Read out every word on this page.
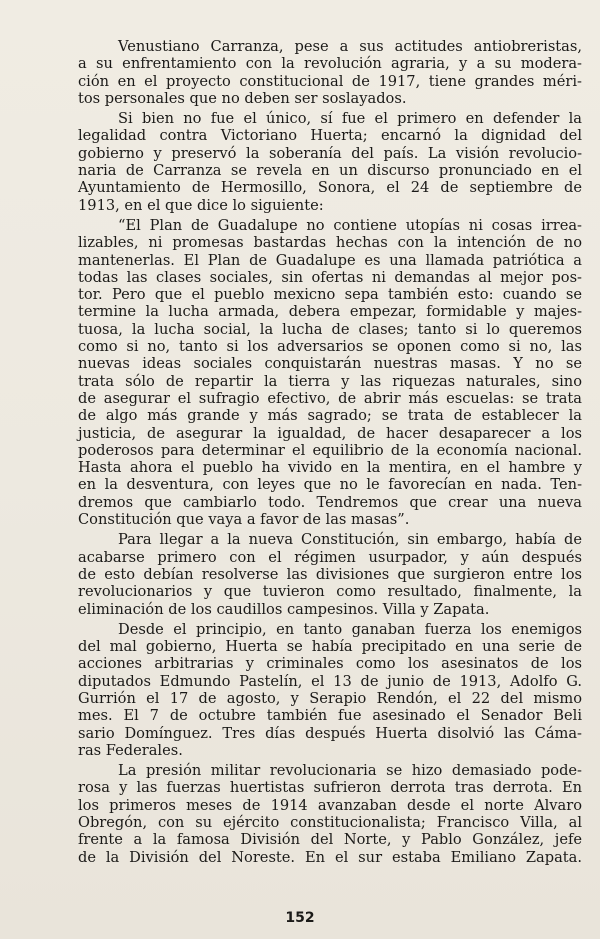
Venustiano Carranza, pese a sus actitudes antiobreristas,
a su enfrentamiento con la revolución agraria, y a su modera-
ción en el proyecto constitucional de 1917, tiene grandes méri-
tos personales que no deben ser soslayados.
Si bien no fue el único, sí fue el primero en defender la
legalidad contra Victoriano Huerta; encarnó la dignidad del
gobierno y preservó la soberanía del país. La visión revolucio-
naria de Carranza se revela en un discurso pronunciado en el
Ayuntamiento de Hermosillo, Sonora, el 24 de septiembre de
1913, en el que dice lo siguiente:
“El Plan de Guadalupe no contiene utopías ni cosas irrea-
lizables, ni promesas bastardas hechas con la intención de no
mantenerlas. El Plan de Guadalupe es una llamada patriótica a
todas las clases sociales, sin ofertas ni demandas al mejor pos-
tor. Pero que el pueblo mexicno sepa también esto: cuando se
termine la lucha armada, debera empezar, formidable y majes-
tuosa, la lucha social, la lucha de clases; tanto si lo queremos
como si no, tanto si los adversarios se oponen como si no, las
nuevas ideas sociales conquistarán nuestras masas. Y no se
trata sólo de repartir la tierra y las riquezas naturales, sino
de asegurar el sufragio efectivo, de abrir más escuelas: se trata
de algo más grande y más sagrado; se trata de establecer la
justicia, de asegurar la igualdad, de hacer desaparecer a los
poderosos para determinar el equilibrio de la economía nacional.
Hasta ahora el pueblo ha vivido en la mentira, en el hambre y
en la desventura, con leyes que no le favorecían en nada. Ten-
dremos que cambiarlo todo. Tendremos que crear una nueva
Constitución que vaya a favor de las masas”.
Para llegar a la nueva Constitución, sin embargo, había de
acabarse primero con el régimen usurpador, y aún después
de esto debían resolverse las divisiones que surgieron entre los
revolucionarios y que tuvieron como resultado, finalmente, la
eliminación de los caudillos campesinos. Villa y Zapata.
Desde el principio, en tanto ganaban fuerza los enemigos
del mal gobierno, Huerta se había precipitado en una serie de
acciones arbitrarias y criminales como los asesinatos de los
diputados Edmundo Pastelín, el 13 de junio de 1913, Adolfo G.
Gurrión el 17 de agosto, y Serapio Rendón, el 22 del mismo
mes. El 7 de octubre también fue asesinado el Senador Beli
sario Domínguez. Tres días después Huerta disolvió las Cáma-
ras Federales.
La presión militar revolucionaria se hizo demasiado pode-
rosa y las fuerzas huertistas sufrieron derrota tras derrota. En
los primeros meses de 1914 avanzaban desde el norte Alvaro
Obregón, con su ejército constitucionalista; Francisco Villa, al
frente a la famosa División del Norte, y Pablo González, jefe
de la División del Noreste. En el sur estaba Emiliano Zapata.
152
